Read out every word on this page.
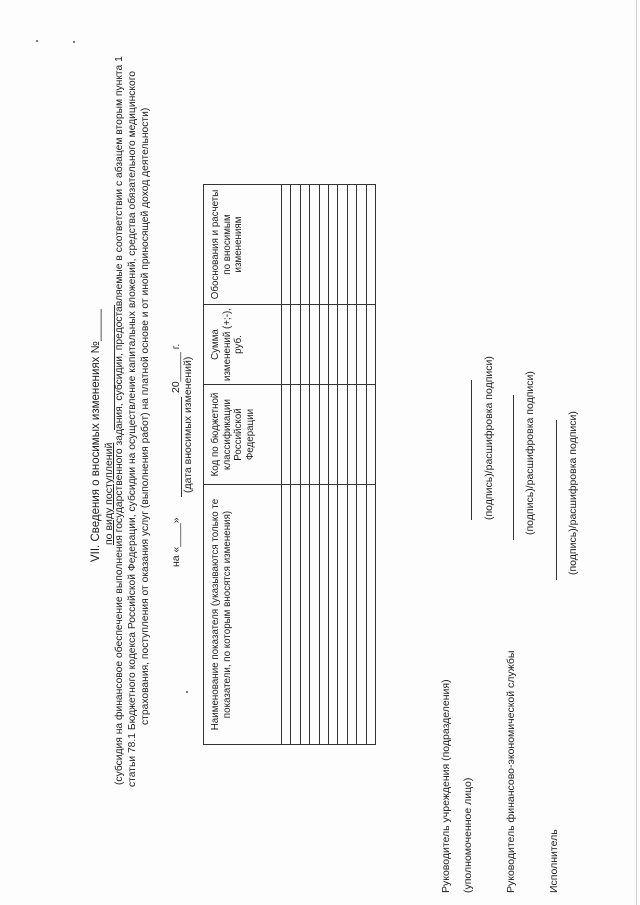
VII. Сведения о вносимых изменениях №_____ по виду поступлений (субсидия на финансовое обеспечение выполнения государственного задания, субсидии, предоставляемые в соответствии с абзацем вторым пункта 1 статьи 78.1 Бюджетного кодекса Российской Федерации, субсидии на осуществление капитальных вложений, средства обязательного медицинского страхования, поступления от оказания услуг (выполнения работ) на платной основе и от иной приносящей доход деятельности) на «____»
20_____ г. (дата вносимых изменений)
Наименование показателя (указываются только те показатели, по которым вносятся изменения)	Код по бюджетной классификации Российской Федерации	Сумма изменений (+;-), руб.	Обоснования и расчеты по вносимым изменениям

Руководитель учреждения (подразделения) (уполномоченное лицо)
(подпись)/расшифровка подписи)
Руководитель финансово-экономической службы
(подпись)/расшифровка подписи)
Исполнитель
(подпись)/расшифровка подписи)
